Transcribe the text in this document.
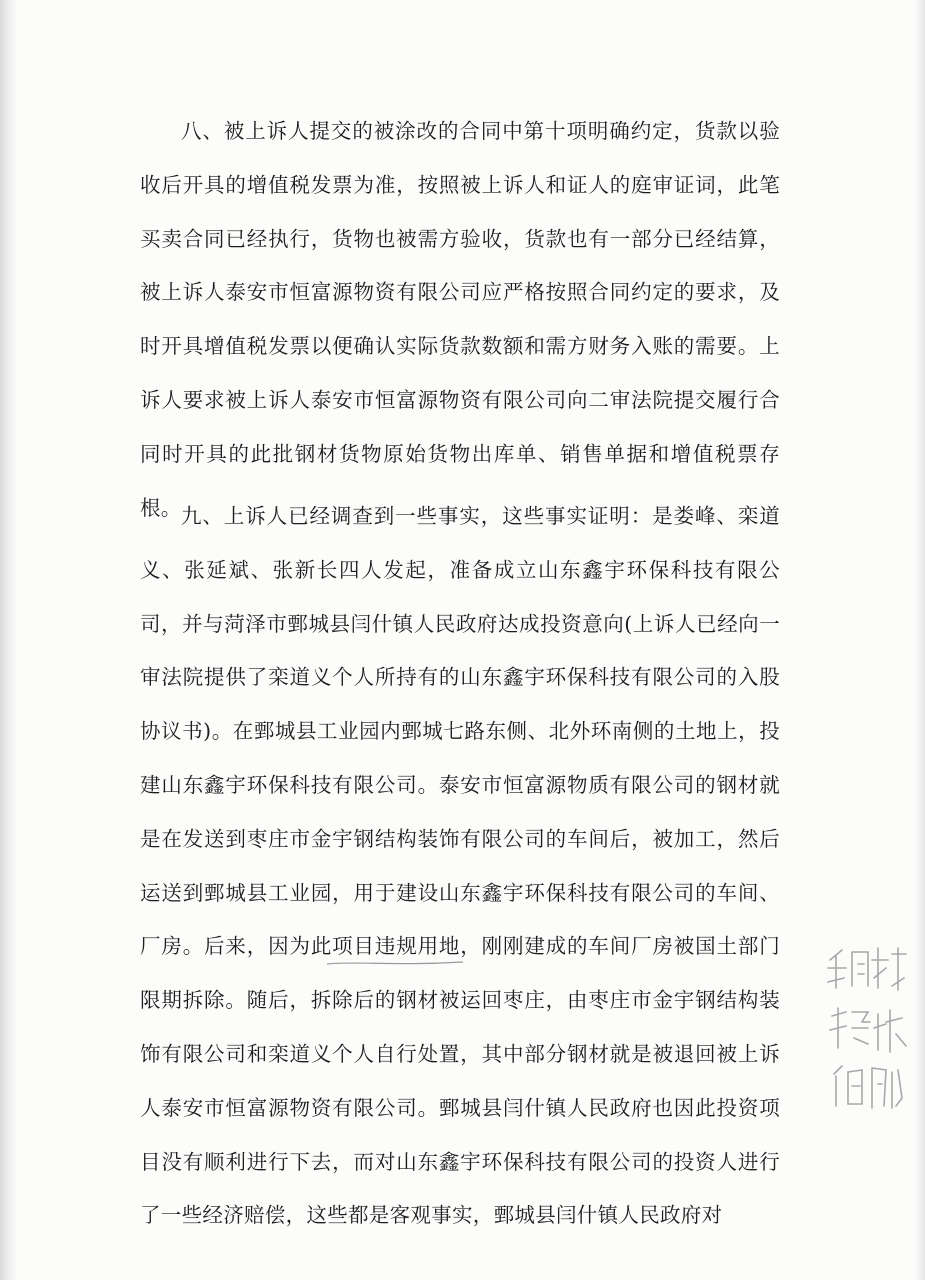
八、被上诉人提交的被涂改的合同中第十项明确约定，货款以验收后开具的增值税发票为准，按照被上诉人和证人的庭审证词，此笔买卖合同已经执行，货物也被需方验收，货款也有一部分已经结算，被上诉人泰安市恒富源物资有限公司应严格按照合同约定的要求，及时开具增值税发票以便确认实际货款数额和需方财务入账的需要。上诉人要求被上诉人泰安市恒富源物资有限公司向二审法院提交履行合同时开具的此批钢材货物原始货物出库单、销售单据和增值税票存根。 九、上诉人已经调查到一些事实，这些事实证明：是娄峰、栾道义、张延斌、张新长四人发起，准备成立山东鑫宇环保科技有限公司，并与菏泽市鄄城县闫什镇人民政府达成投资意向(上诉人已经向一审法院提供了栾道义个人所持有的山东鑫宇环保科技有限公司的入股协议书)。在鄄城县工业园内鄄城七路东侧、北外环南侧的土地上，投建山东鑫宇环保科技有限公司。泰安市恒富源物质有限公司的钢材就是在发送到枣庄市金宇钢结构装饰有限公司的车间后，被加工，然后运送到鄄城县工业园，用于建设山东鑫宇环保科技有限公司的车间、厂房。后来，因为此项目违规用地，刚刚建成的车间厂房被国土部门限期拆除。随后，拆除后的钢材被运回枣庄，由枣庄市金宇钢结构装饰有限公司和栾道义个人自行处置，其中部分钢材就是被退回被上诉人泰安市恒富源物资有限公司。鄄城县闫什镇人民政府也因此投资项目没有顺利进行下去，而对山东鑫宇环保科技有限公司的投资人进行了一些经济赔偿，这些都是客观事实，鄄城县闫什镇人民政府对
